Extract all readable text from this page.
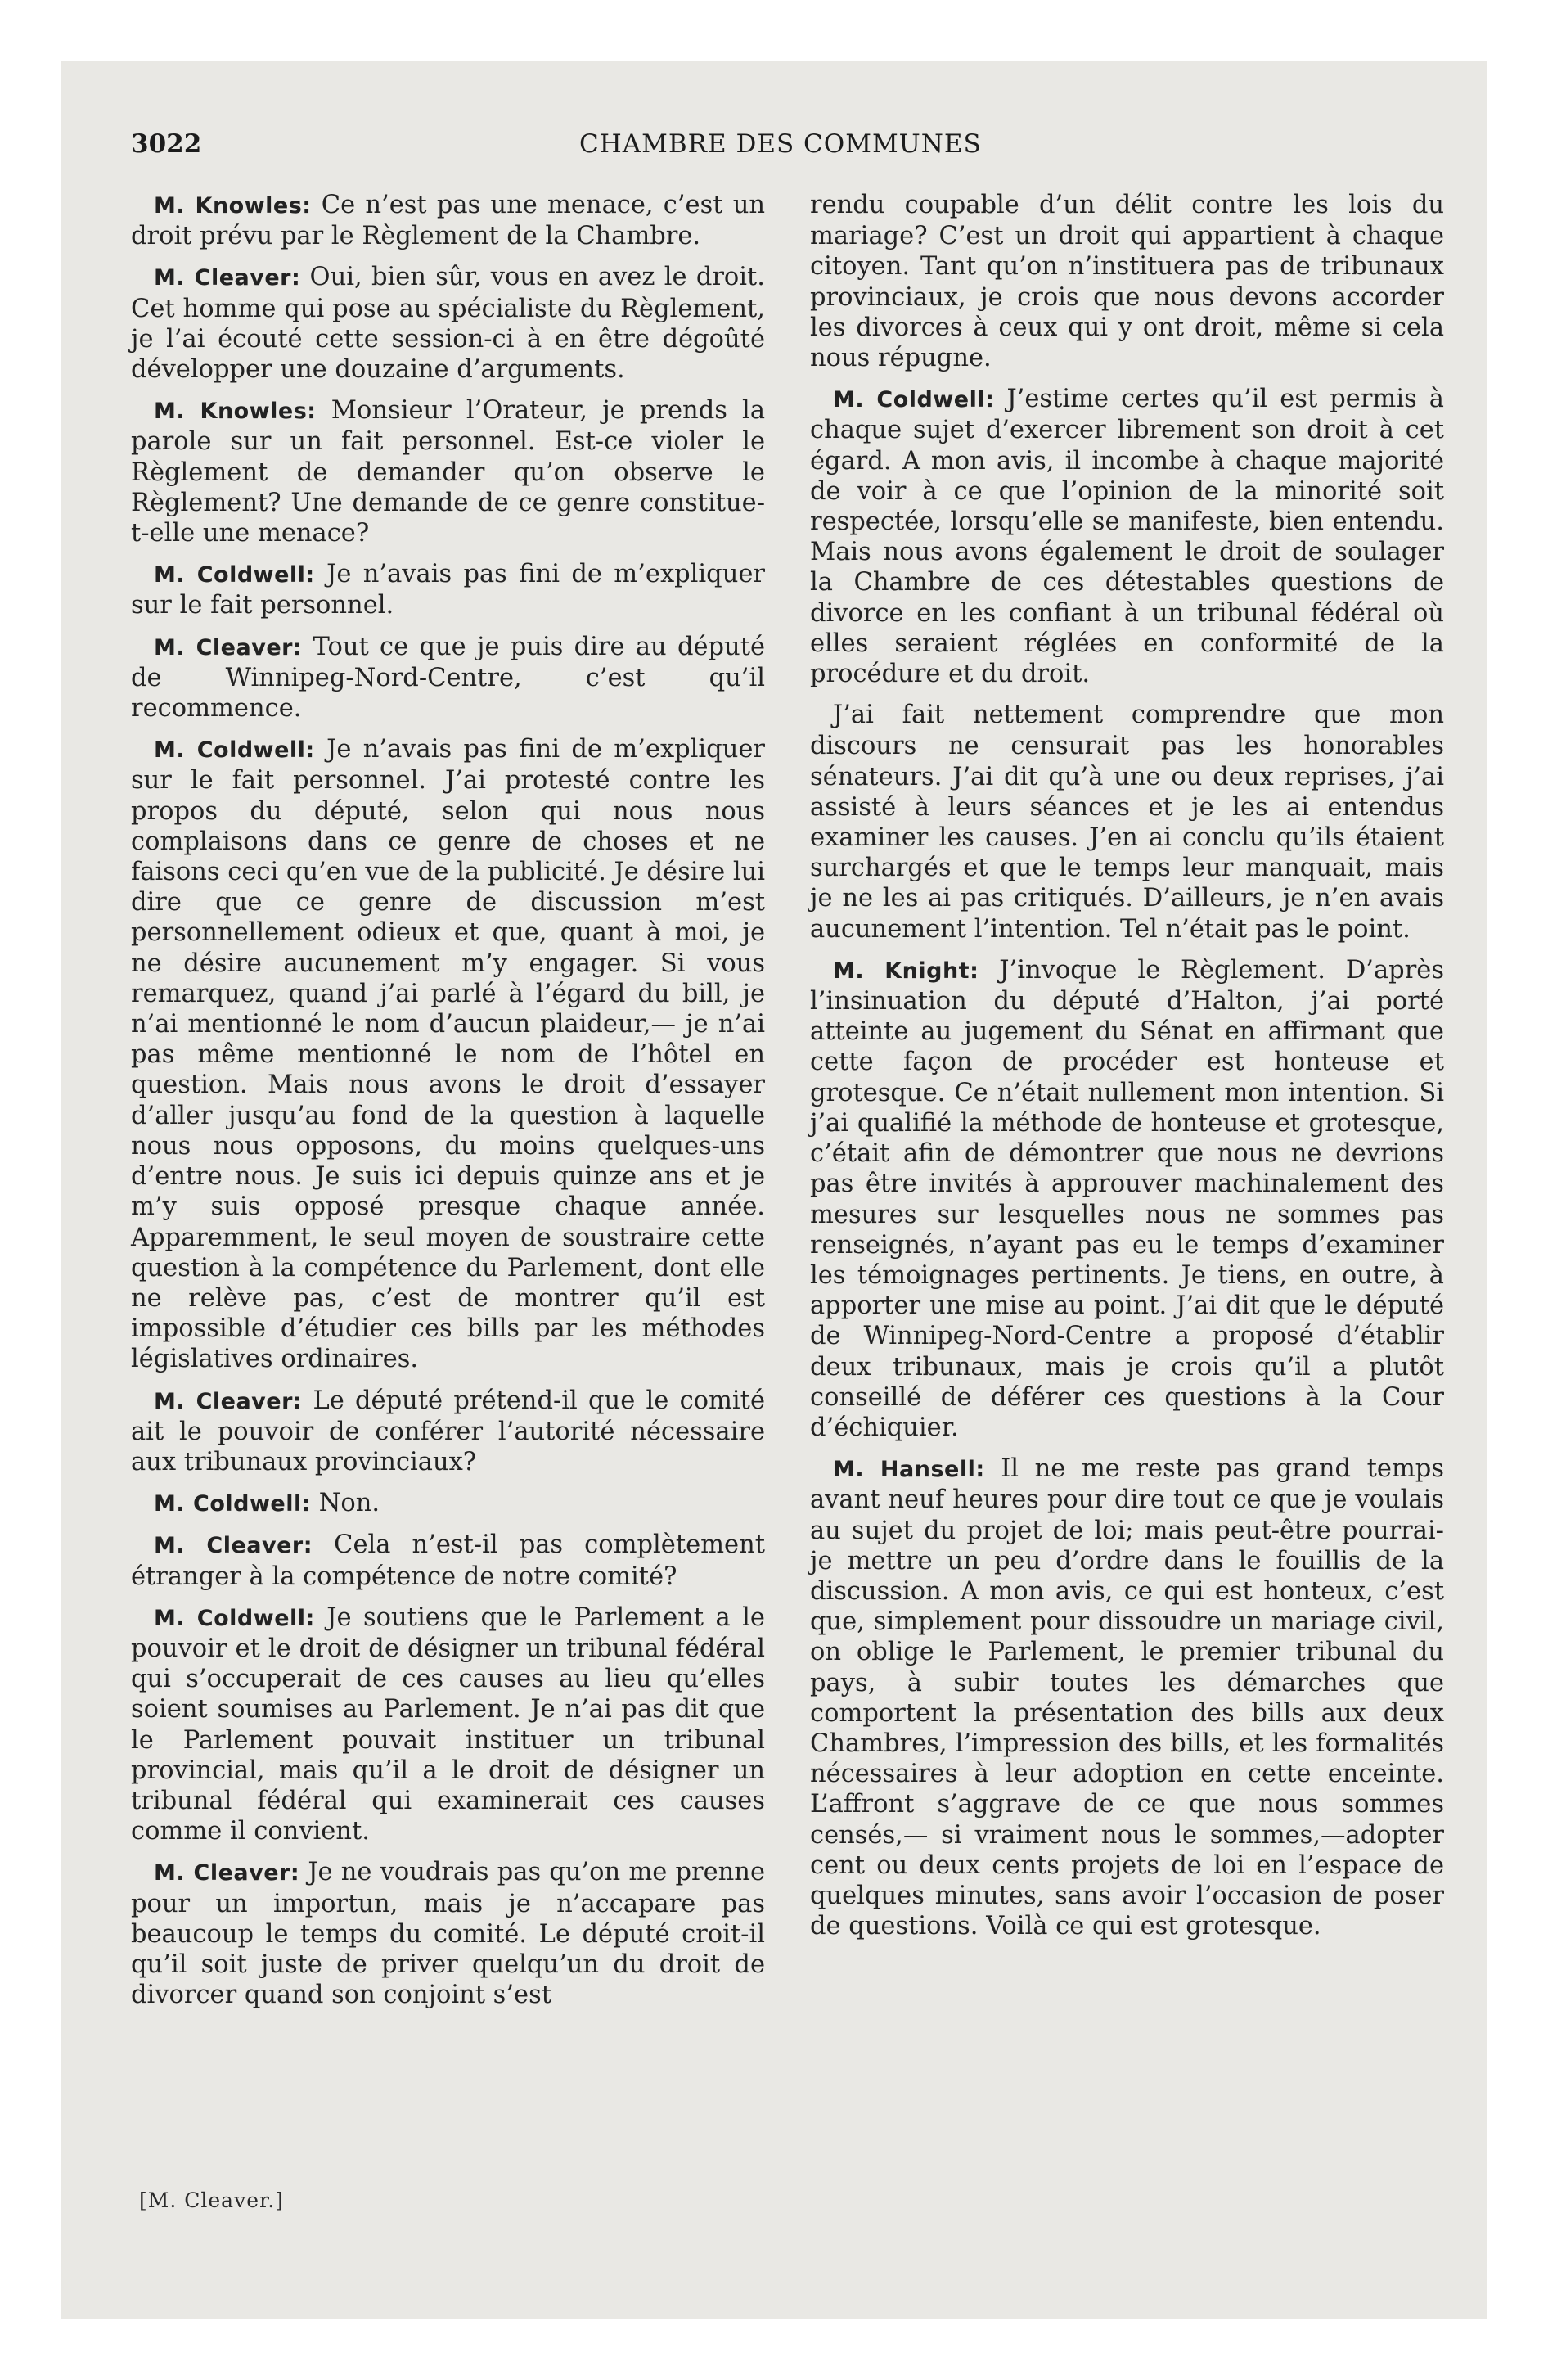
3022	CHAMBRE DES COMMUNES

M. Knowles: Ce n’est pas une menace, c’est un droit prévu par le Règlement de la Chambre.

M. Cleaver: Oui, bien sûr, vous en avez le droit. Cet homme qui pose au spécialiste du Règlement, je l’ai écouté cette session-ci à en être dégoûté développer une douzaine d’arguments.

M. Knowles: Monsieur l’Orateur, je prends la parole sur un fait personnel. Est-ce violer le Règlement de demander qu’on observe le Règlement? Une demande de ce genre constitue-t-elle une menace?

M. Coldwell: Je n’avais pas fini de m’expliquer sur le fait personnel.

M. Cleaver: Tout ce que je puis dire au député de Winnipeg-Nord-Centre, c’est qu’il recommence.

M. Coldwell: Je n’avais pas fini de m’expliquer sur le fait personnel. J’ai protesté contre les propos du député, selon qui nous nous complaisons dans ce genre de choses et ne faisons ceci qu’en vue de la publicité. Je désire lui dire que ce genre de discussion m’est personnellement odieux et que, quant à moi, je ne désire aucunement m’y engager. Si vous remarquez, quand j’ai parlé à l’égard du bill, je n’ai mentionné le nom d’aucun plaideur,— je n’ai pas même mentionné le nom de l’hôtel en question. Mais nous avons le droit d’essayer d’aller jusqu’au fond de la question à laquelle nous nous opposons, du moins quelques-uns d’entre nous. Je suis ici depuis quinze ans et je m’y suis opposé presque chaque année. Apparemment, le seul moyen de soustraire cette question à la compétence du Parlement, dont elle ne relève pas, c’est de montrer qu’il est impossible d’étudier ces bills par les méthodes législatives ordinaires.

M. Cleaver: Le député prétend-il que le comité ait le pouvoir de conférer l’autorité nécessaire aux tribunaux provinciaux?

M. Coldwell: Non.

M. Cleaver: Cela n’est-il pas complètement étranger à la compétence de notre comité?

M. Coldwell: Je soutiens que le Parlement a le pouvoir et le droit de désigner un tribunal fédéral qui s’occuperait de ces causes au lieu qu’elles soient soumises au Parlement. Je n’ai pas dit que le Parlement pouvait instituer un tribunal provincial, mais qu’il a le droit de désigner un tribunal fédéral qui examinerait ces causes comme il convient.

M. Cleaver: Je ne voudrais pas qu’on me prenne pour un importun, mais je n’accapare pas beaucoup le temps du comité. Le député croit-il qu’il soit juste de priver quelqu’un du droit de divorcer quand son conjoint s’est

rendu coupable d’un délit contre les lois du mariage? C’est un droit qui appartient à chaque citoyen. Tant qu’on n’instituera pas de tribunaux provinciaux, je crois que nous devons accorder les divorces à ceux qui y ont droit, même si cela nous répugne.

M. Coldwell: J’estime certes qu’il est permis à chaque sujet d’exercer librement son droit à cet égard. A mon avis, il incombe à chaque majorité de voir à ce que l’opinion de la minorité soit respectée, lorsqu’elle se manifeste, bien entendu. Mais nous avons également le droit de soulager la Chambre de ces détestables questions de divorce en les confiant à un tribunal fédéral où elles seraient réglées en conformité de la procédure et du droit.

J’ai fait nettement comprendre que mon discours ne censurait pas les honorables sénateurs. J’ai dit qu’à une ou deux reprises, j’ai assisté à leurs séances et je les ai entendus examiner les causes. J’en ai conclu qu’ils étaient surchargés et que le temps leur manquait, mais je ne les ai pas critiqués. D’ailleurs, je n’en avais aucunement l’intention. Tel n’était pas le point.

M. Knight: J’invoque le Règlement. D’après l’insinuation du député d’Halton, j’ai porté atteinte au jugement du Sénat en affirmant que cette façon de procéder est honteuse et grotesque. Ce n’était nullement mon intention. Si j’ai qualifié la méthode de honteuse et grotesque, c’était afin de démontrer que nous ne devrions pas être invités à approuver machinalement des mesures sur lesquelles nous ne sommes pas renseignés, n’ayant pas eu le temps d’examiner les témoignages pertinents. Je tiens, en outre, à apporter une mise au point. J’ai dit que le député de Winnipeg-Nord-Centre a proposé d’établir deux tribunaux, mais je crois qu’il a plutôt conseillé de déférer ces questions à la Cour d’échiquier.

M. Hansell: Il ne me reste pas grand temps avant neuf heures pour dire tout ce que je voulais au sujet du projet de loi; mais peut-être pourrai-je mettre un peu d’ordre dans le fouillis de la discussion. A mon avis, ce qui est honteux, c’est que, simplement pour dissoudre un mariage civil, on oblige le Parlement, le premier tribunal du pays, à subir toutes les démarches que comportent la présentation des bills aux deux Chambres, l’impression des bills, et les formalités nécessaires à leur adoption en cette enceinte. L’affront s’aggrave de ce que nous sommes censés,— si vraiment nous le sommes,—adopter cent ou deux cents projets de loi en l’espace de quelques minutes, sans avoir l’occasion de poser de questions. Voilà ce qui est grotesque.

[M. Cleaver.]
